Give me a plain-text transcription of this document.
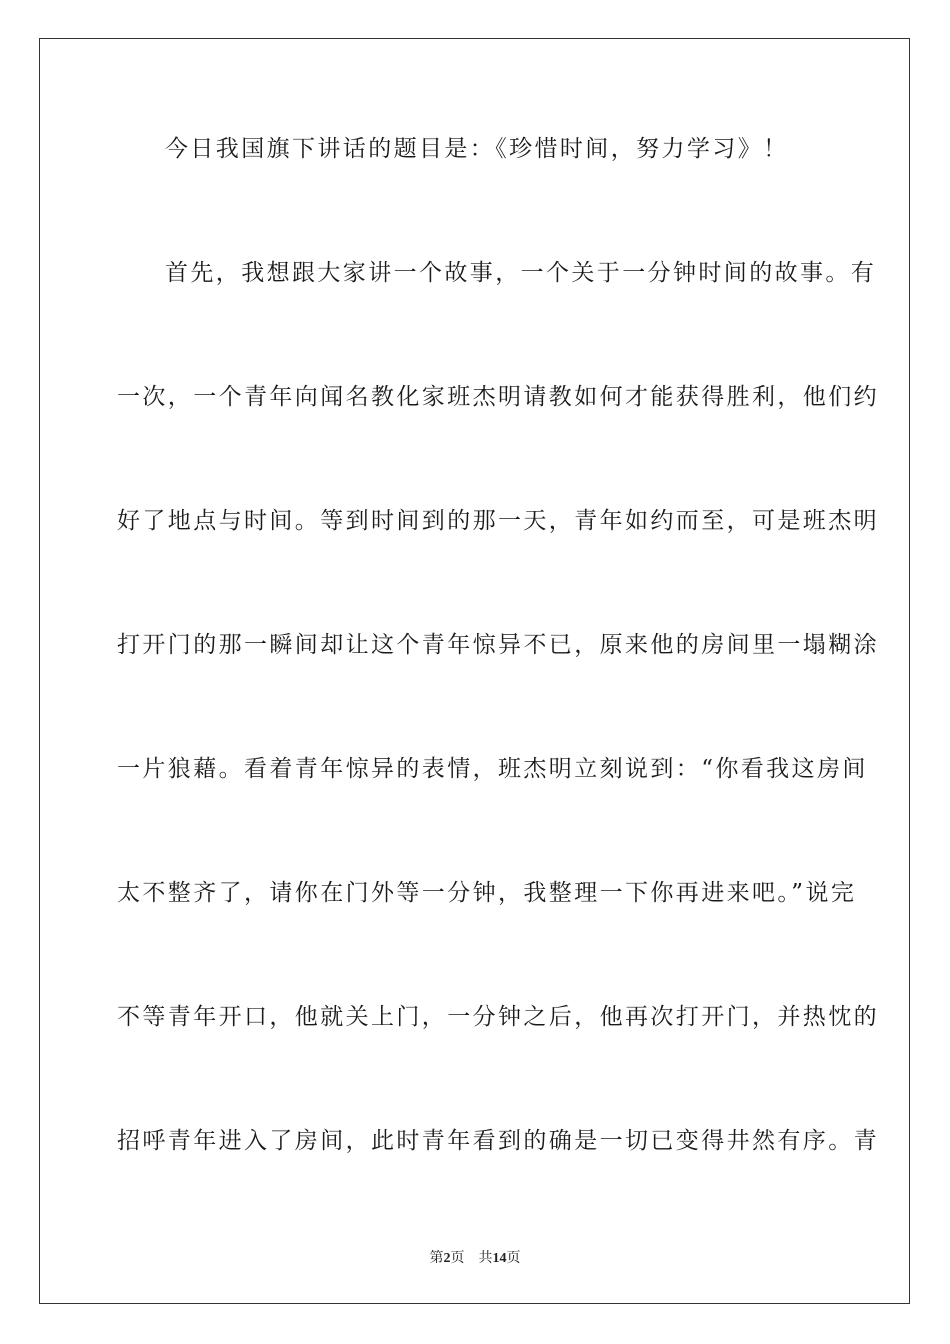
今日我国旗下讲话的题目是：《珍惜时间，努力学习》！
首先，我想跟大家讲一个故事，一个关于一分钟时间的故事。有
一次，一个青年向闻名教化家班杰明请教如何才能获得胜利，他们约
好了地点与时间。等到时间到的那一天，青年如约而至，可是班杰明
打开门的那一瞬间却让这个青年惊异不已，原来他的房间里一塌糊涂
一片狼藉。看着青年惊异的表情，班杰明立刻说到：“你看我这房间
太不整齐了，请你在门外等一分钟，我整理一下你再进来吧。”说完
不等青年开口，他就关上门，一分钟之后，他再次打开门，并热忱的
招呼青年进入了房间，此时青年看到的确是一切已变得井然有序。青
第2页 共14页
